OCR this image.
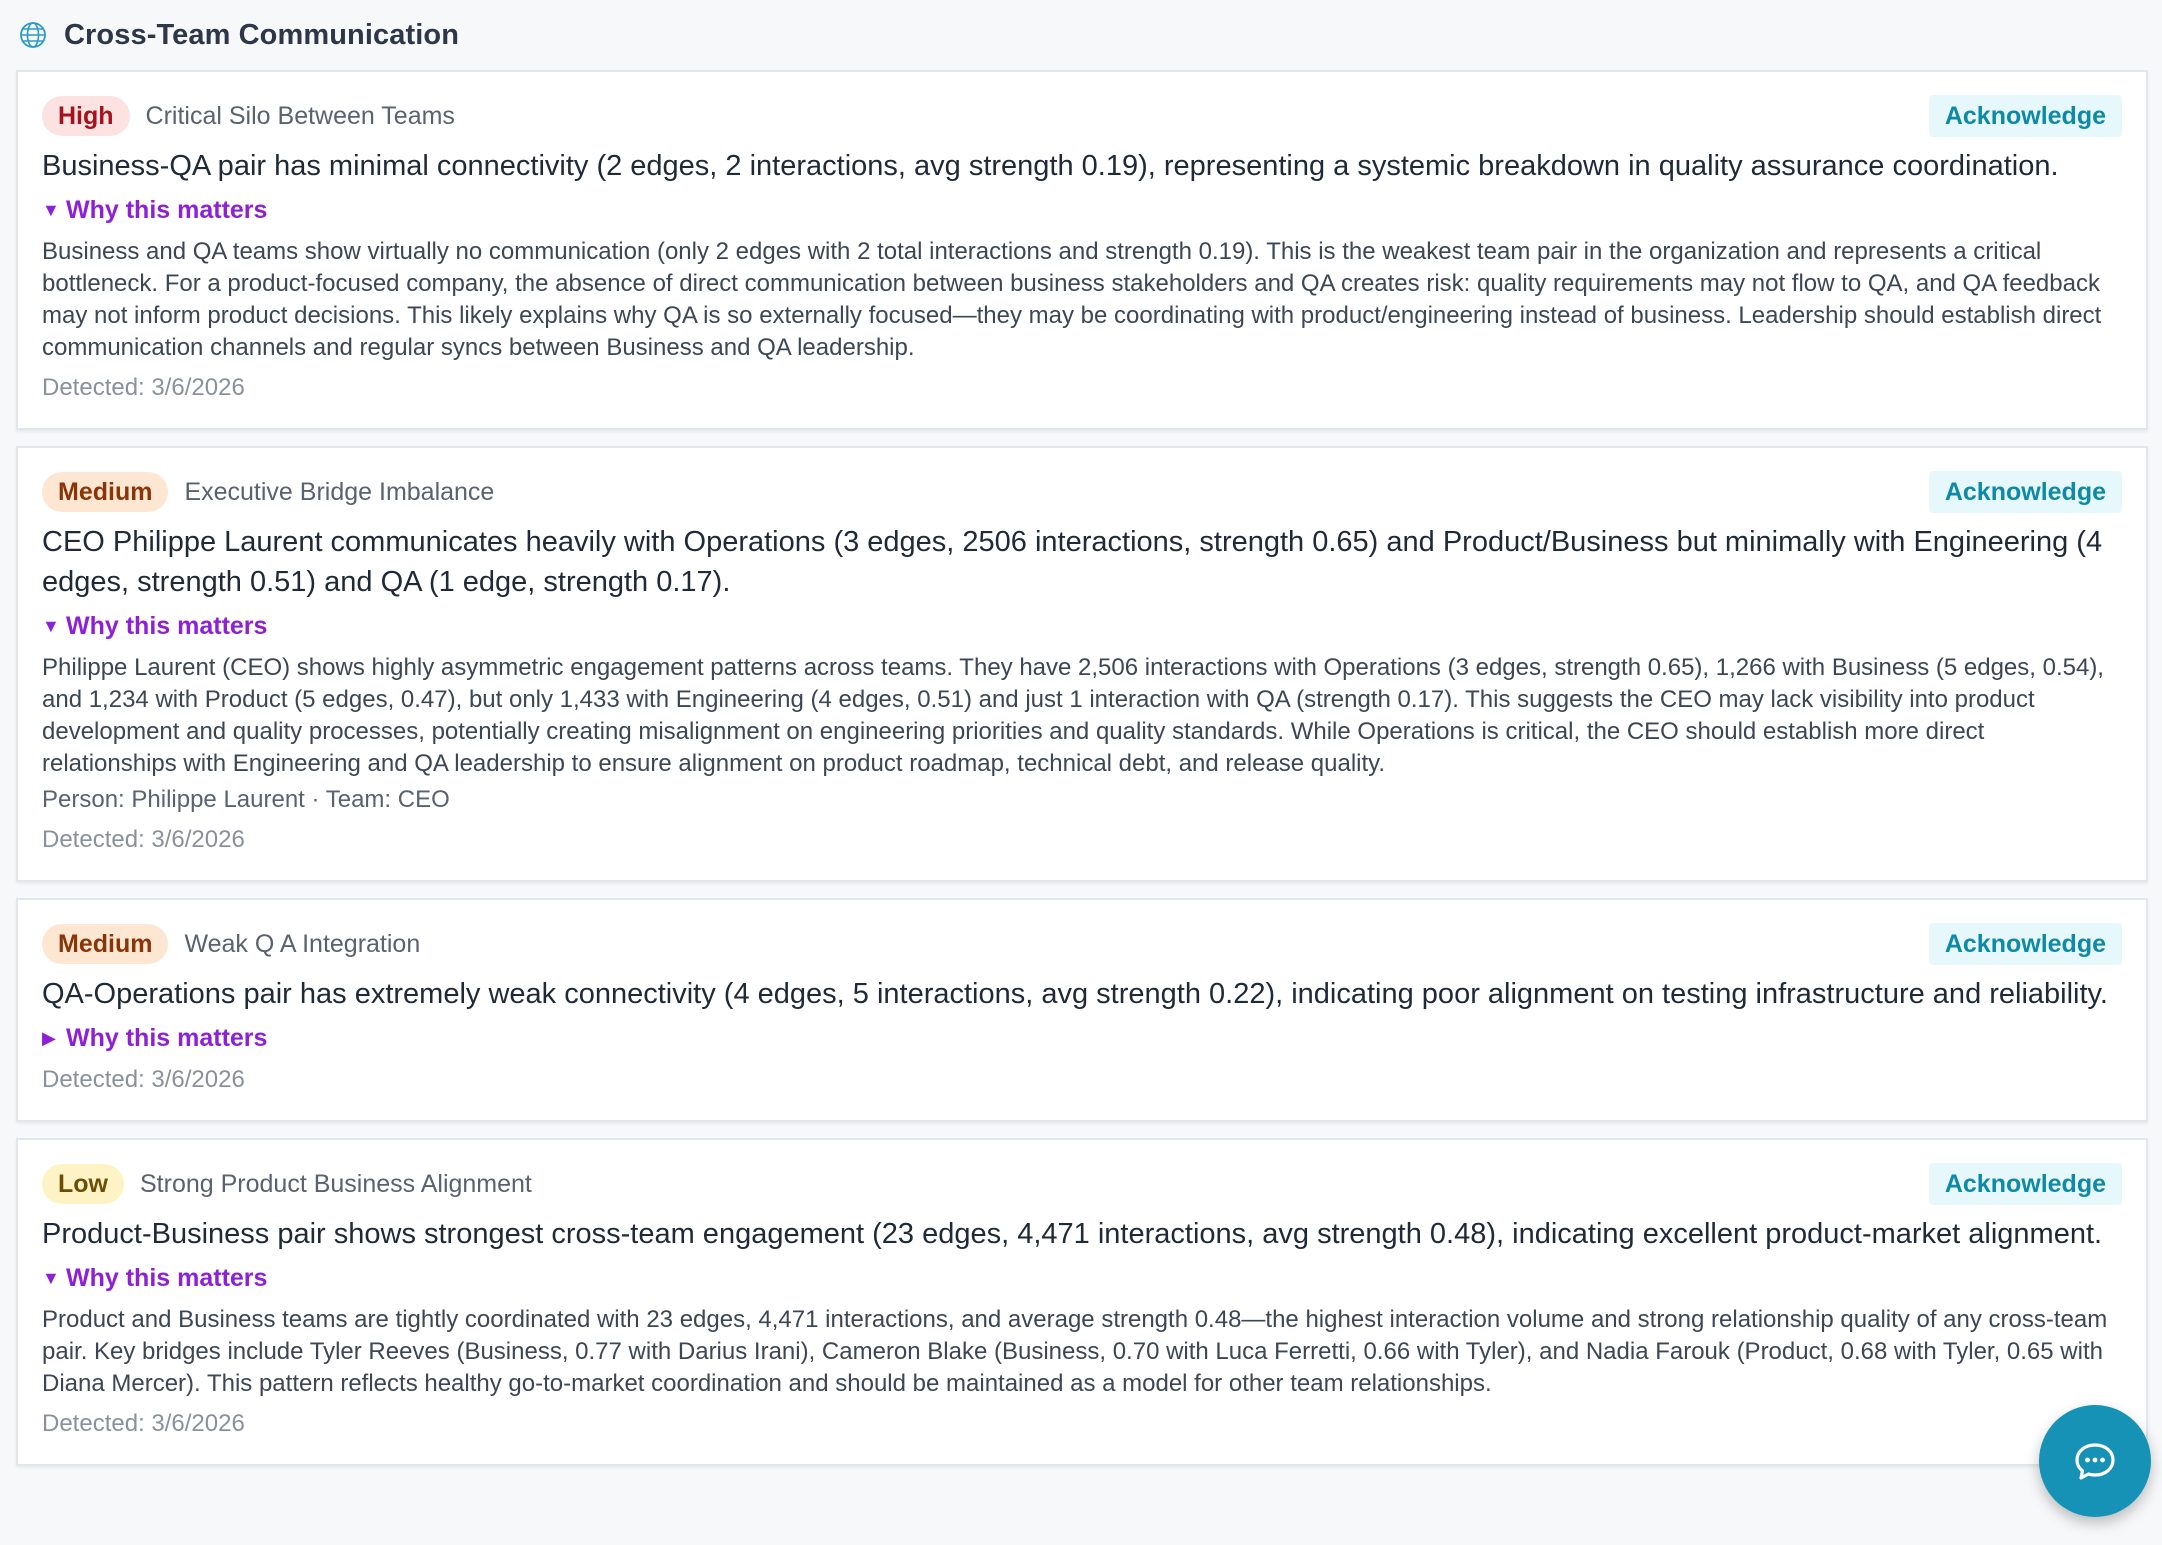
Cross-Team Communication
High	Critical Silo Between Teams	Acknowledge
Business-QA pair has minimal connectivity (2 edges, 2 interactions, avg strength 0.19), representing a systemic breakdown in quality assurance coordination.
▼ Why this matters
Business and QA teams show virtually no communication (only 2 edges with 2 total interactions and strength 0.19). This is the weakest team pair in the organization and represents a critical bottleneck. For a product-focused company, the absence of direct communication between business stakeholders and QA creates risk: quality requirements may not flow to QA, and QA feedback may not inform product decisions. This likely explains why QA is so externally focused—they may be coordinating with product/engineering instead of business. Leadership should establish direct communication channels and regular syncs between Business and QA leadership.
Detected: 3/6/2026
Medium	Executive Bridge Imbalance	Acknowledge
CEO Philippe Laurent communicates heavily with Operations (3 edges, 2506 interactions, strength 0.65) and Product/Business but minimally with Engineering (4 edges, strength 0.51) and QA (1 edge, strength 0.17).
▼ Why this matters
Philippe Laurent (CEO) shows highly asymmetric engagement patterns across teams. They have 2,506 interactions with Operations (3 edges, strength 0.65), 1,266 with Business (5 edges, 0.54), and 1,234 with Product (5 edges, 0.47), but only 1,433 with Engineering (4 edges, 0.51) and just 1 interaction with QA (strength 0.17). This suggests the CEO may lack visibility into product development and quality processes, potentially creating misalignment on engineering priorities and quality standards. While Operations is critical, the CEO should establish more direct relationships with Engineering and QA leadership to ensure alignment on product roadmap, technical debt, and release quality.
Person: Philippe Laurent · Team: CEO
Detected: 3/6/2026
Medium	Weak Q A Integration	Acknowledge
QA-Operations pair has extremely weak connectivity (4 edges, 5 interactions, avg strength 0.22), indicating poor alignment on testing infrastructure and reliability.
▶ Why this matters
Detected: 3/6/2026
Low	Strong Product Business Alignment	Acknowledge
Product-Business pair shows strongest cross-team engagement (23 edges, 4,471 interactions, avg strength 0.48), indicating excellent product-market alignment.
▼ Why this matters
Product and Business teams are tightly coordinated with 23 edges, 4,471 interactions, and average strength 0.48—the highest interaction volume and strong relationship quality of any cross-team pair. Key bridges include Tyler Reeves (Business, 0.77 with Darius Irani), Cameron Blake (Business, 0.70 with Luca Ferretti, 0.66 with Tyler), and Nadia Farouk (Product, 0.68 with Tyler, 0.65 with Diana Mercer). This pattern reflects healthy go-to-market coordination and should be maintained as a model for other team relationships.
Detected: 3/6/2026
